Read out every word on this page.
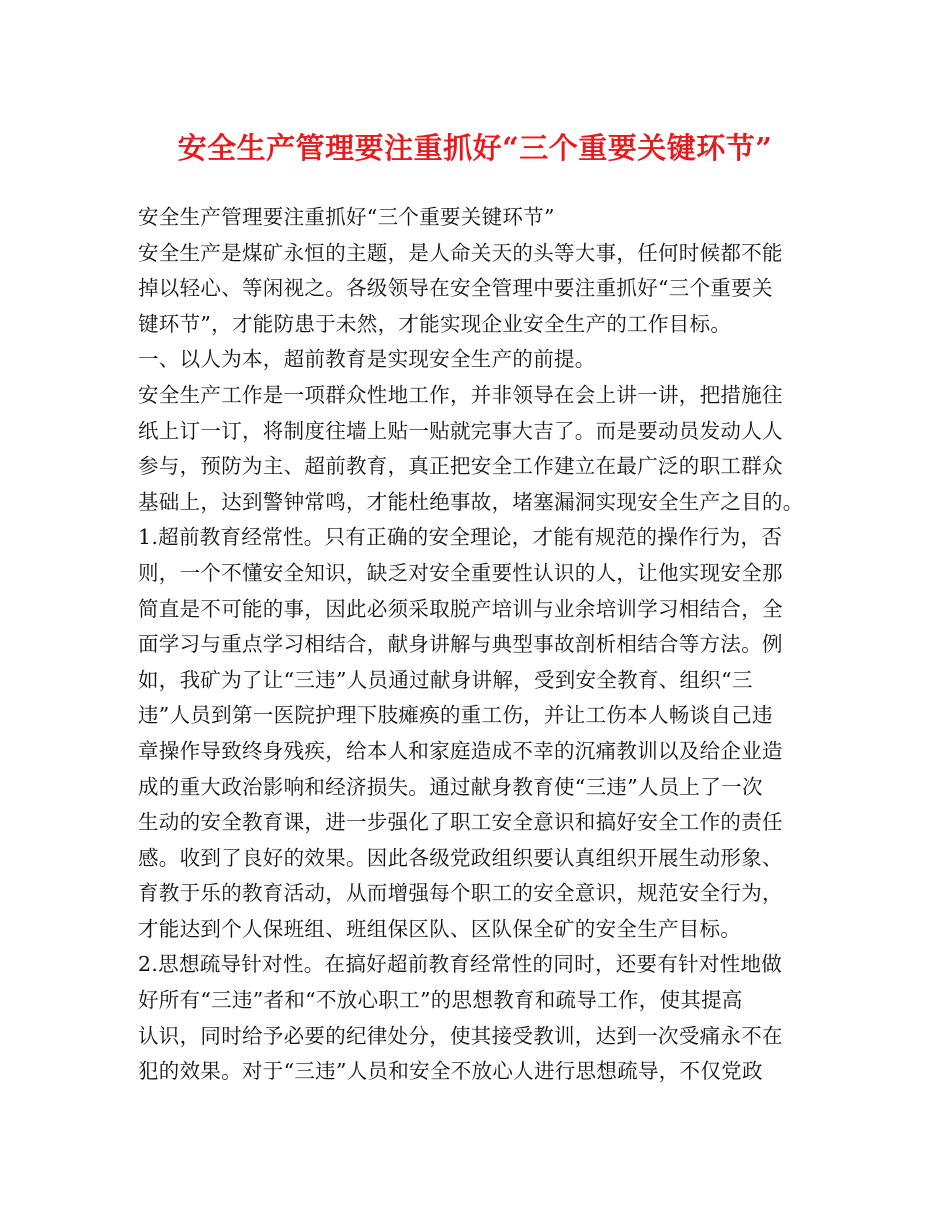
安全生产管理要注重抓好“三个重要关键环节”
安全生产管理要注重抓好“三个重要关键环节”
安全生产是煤矿永恒的主题，是人命关天的头等大事，任何时候都不能
掉以轻心、等闲视之。各级领导在安全管理中要注重抓好“三个重要关
键环节”，才能防患于未然，才能实现企业安全生产的工作目标。
一、以人为本，超前教育是实现安全生产的前提。
安全生产工作是一项群众性地工作，并非领导在会上讲一讲，把措施往
纸上订一订，将制度往墙上贴一贴就完事大吉了。而是要动员发动人人
参与，预防为主、超前教育，真正把安全工作建立在最广泛的职工群众
基础上，达到警钟常鸣，才能杜绝事故，堵塞漏洞实现安全生产之目的。
1.超前教育经常性。只有正确的安全理论，才能有规范的操作行为，否
则，一个不懂安全知识，缺乏对安全重要性认识的人，让他实现安全那
简直是不可能的事，因此必须采取脱产培训与业余培训学习相结合，全
面学习与重点学习相结合，献身讲解与典型事故剖析相结合等方法。例
如，我矿为了让“三违”人员通过献身讲解，受到安全教育、组织“三
违”人员到第一医院护理下肢瘫痪的重工伤，并让工伤本人畅谈自己违
章操作导致终身残疾，给本人和家庭造成不幸的沉痛教训以及给企业造
成的重大政治影响和经济损失。通过献身教育使“三违”人员上了一次
生动的安全教育课，进一步强化了职工安全意识和搞好安全工作的责任
感。收到了良好的效果。因此各级党政组织要认真组织开展生动形象、
育教于乐的教育活动，从而增强每个职工的安全意识，规范安全行为，
才能达到个人保班组、班组保区队、区队保全矿的安全生产目标。
2.思想疏导针对性。在搞好超前教育经常性的同时，还要有针对性地做
好所有“三违”者和“不放心职工”的思想教育和疏导工作，使其提高
认识，同时给予必要的纪律处分，使其接受教训，达到一次受痛永不在
犯的效果。对于“三违”人员和安全不放心人进行思想疏导，不仅党政
